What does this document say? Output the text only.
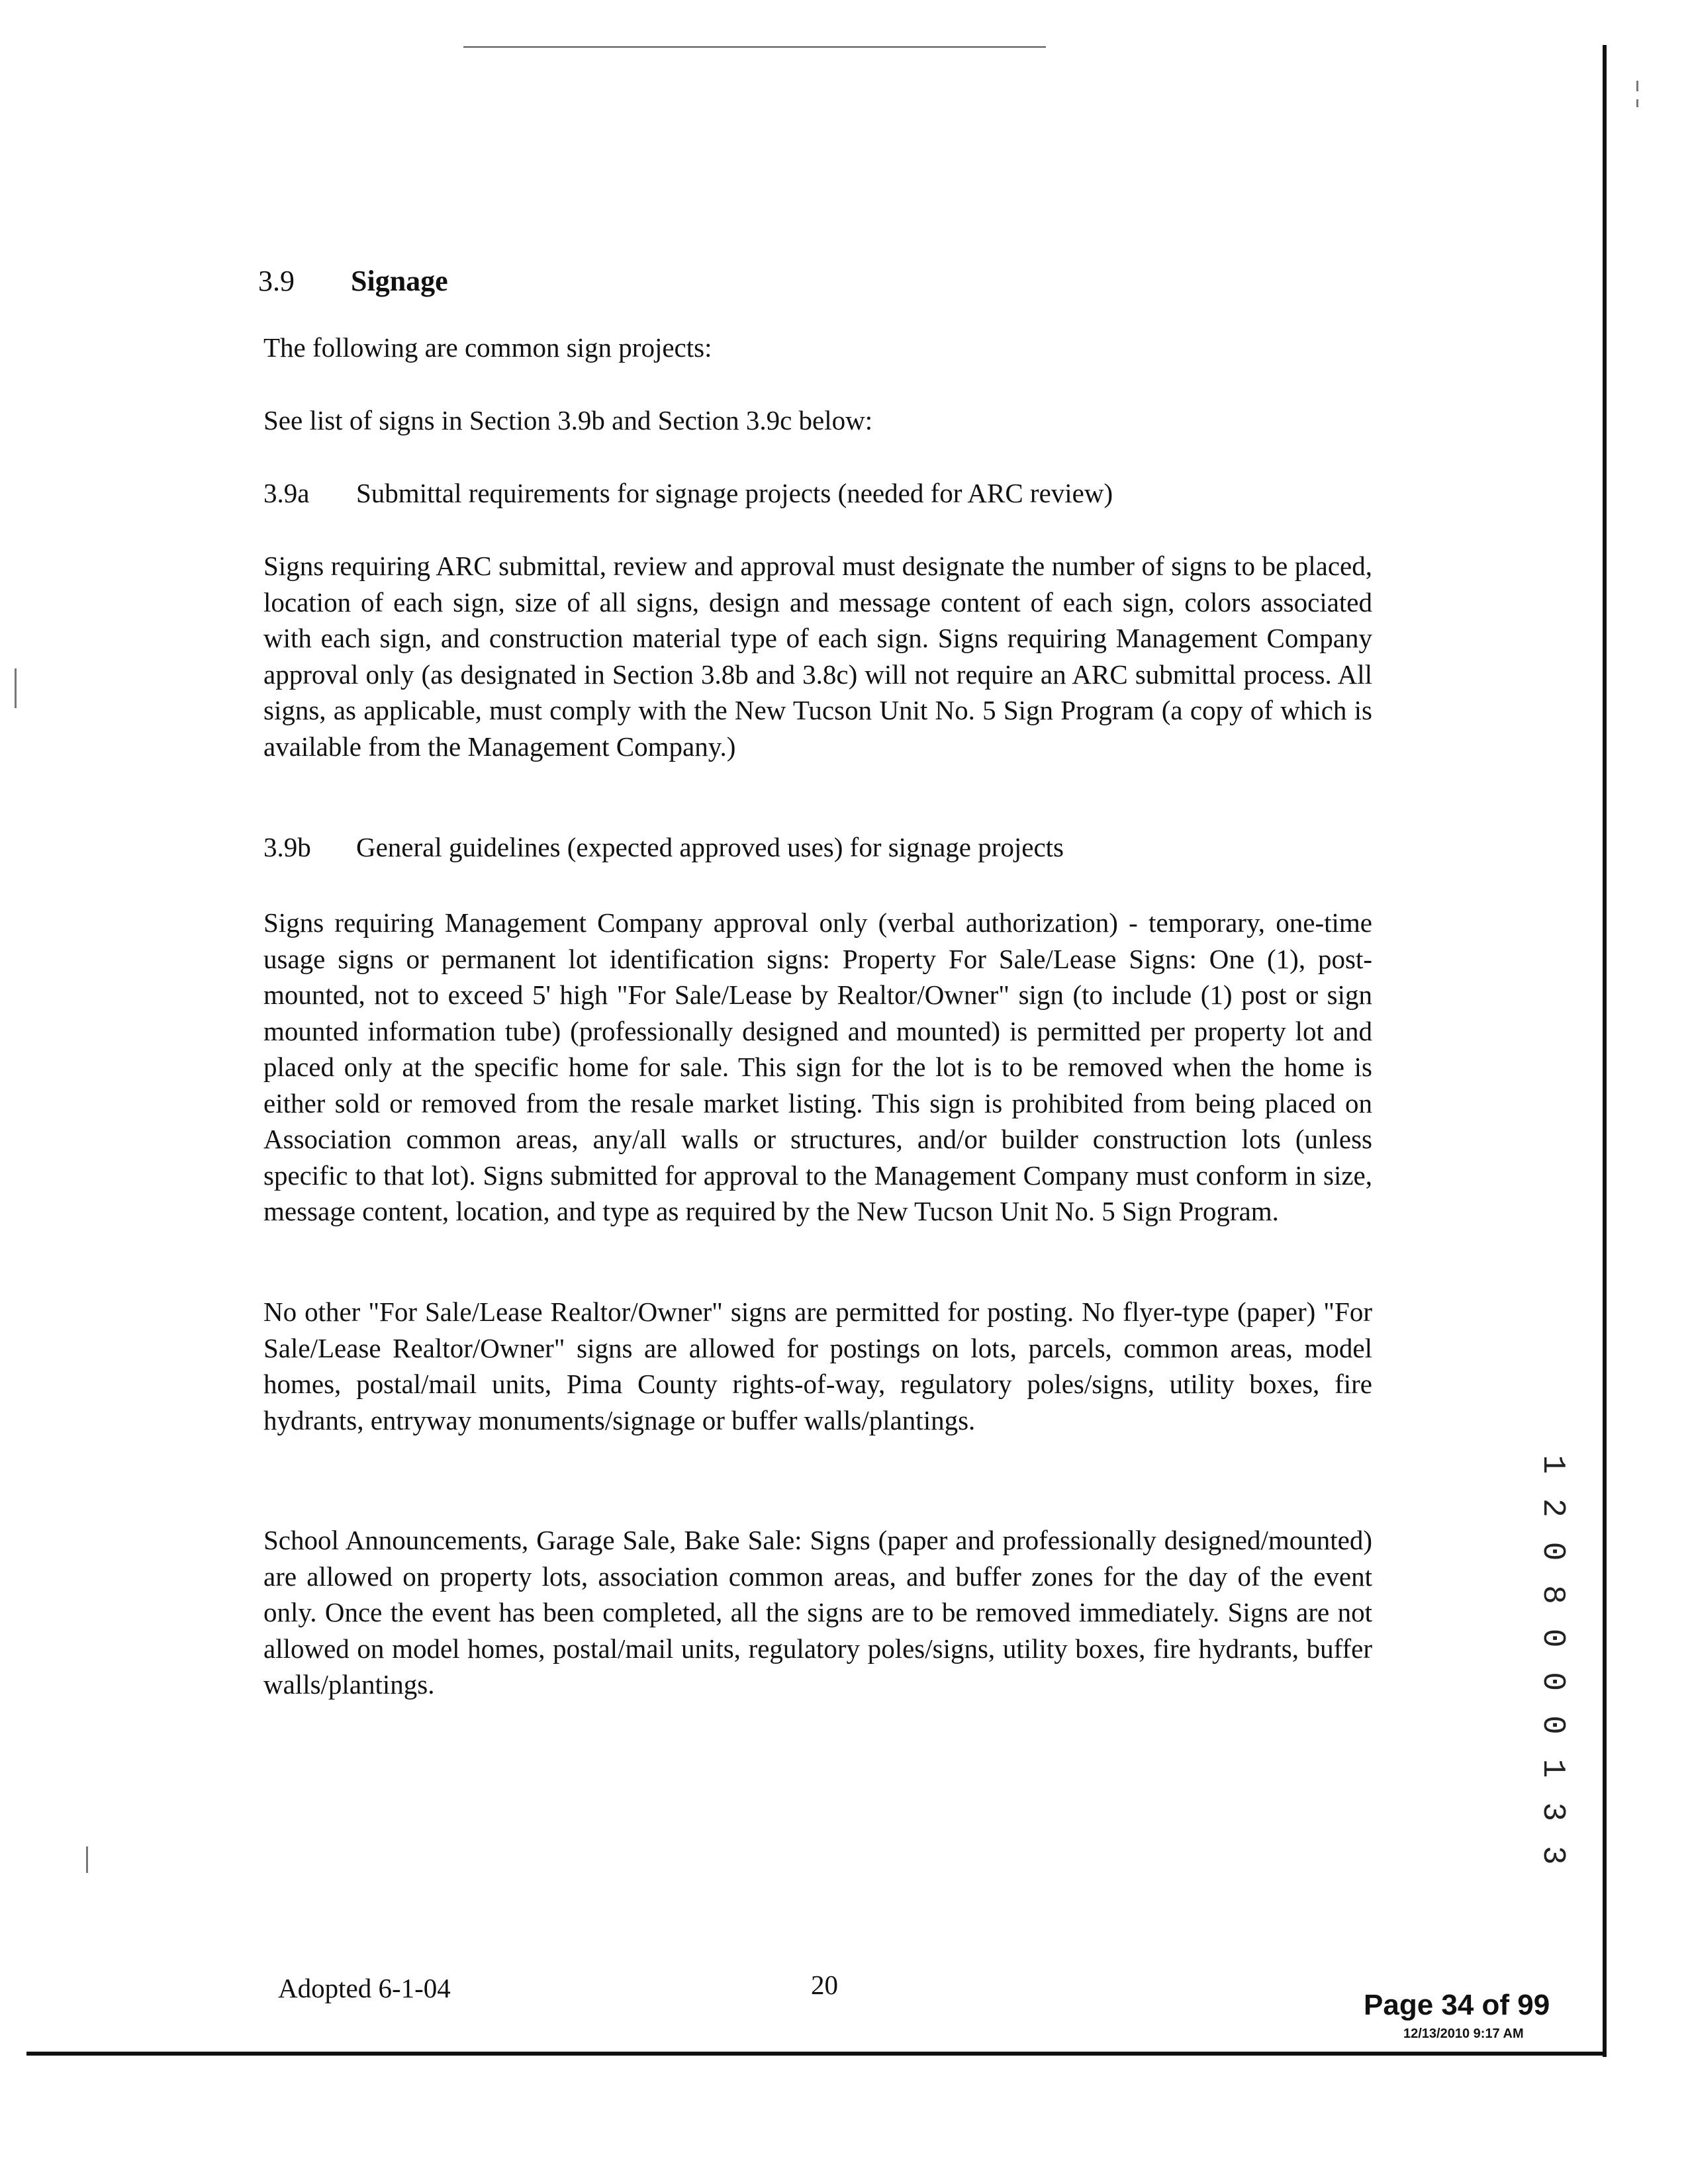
3.9 Signage
The following are common sign projects:
See list of signs in Section 3.9b and Section 3.9c below:
3.9a Submittal requirements for signage projects (needed for ARC review)
Signs requiring ARC submittal, review and approval must designate the number of signs to be placed, location of each sign, size of all signs, design and message content of each sign, colors associated with each sign, and construction material type of each sign. Signs requiring Management Company approval only (as designated in Section 3.8b and 3.8c) will not require an ARC submittal process. All signs, as applicable, must comply with the New Tucson Unit No. 5 Sign Program (a copy of which is available from the Management Company.)
3.9b General guidelines (expected approved uses) for signage projects
Signs requiring Management Company approval only (verbal authorization) - temporary, one-time usage signs or permanent lot identification signs: Property For Sale/Lease Signs: One (1), post-mounted, not to exceed 5' high "For Sale/Lease by Realtor/Owner" sign (to include (1) post or sign mounted information tube) (professionally designed and mounted) is permitted per property lot and placed only at the specific home for sale. This sign for the lot is to be removed when the home is either sold or removed from the resale market listing. This sign is prohibited from being placed on Association common areas, any/all walls or structures, and/or builder construction lots (unless specific to that lot). Signs submitted for approval to the Management Company must conform in size, message content, location, and type as required by the New Tucson Unit No. 5 Sign Program.
No other "For Sale/Lease Realtor/Owner" signs are permitted for posting. No flyer-type (paper) "For Sale/Lease Realtor/Owner" signs are allowed for postings on lots, parcels, common areas, model homes, postal/mail units, Pima County rights-of-way, regulatory poles/signs, utility boxes, fire hydrants, entryway monuments/signage or buffer walls/plantings.
School Announcements, Garage Sale, Bake Sale: Signs (paper and professionally designed/mounted) are allowed on property lots, association common areas, and buffer zones for the day of the event only. Once the event has been completed, all the signs are to be removed immediately. Signs are not allowed on model homes, postal/mail units, regulatory poles/signs, utility boxes, fire hydrants, buffer walls/plantings.	1 2 0 8 0 0 0 1 3 3
Adopted 6-1-04	20
Page 34 of 99
12/13/2010 9:17 AM
